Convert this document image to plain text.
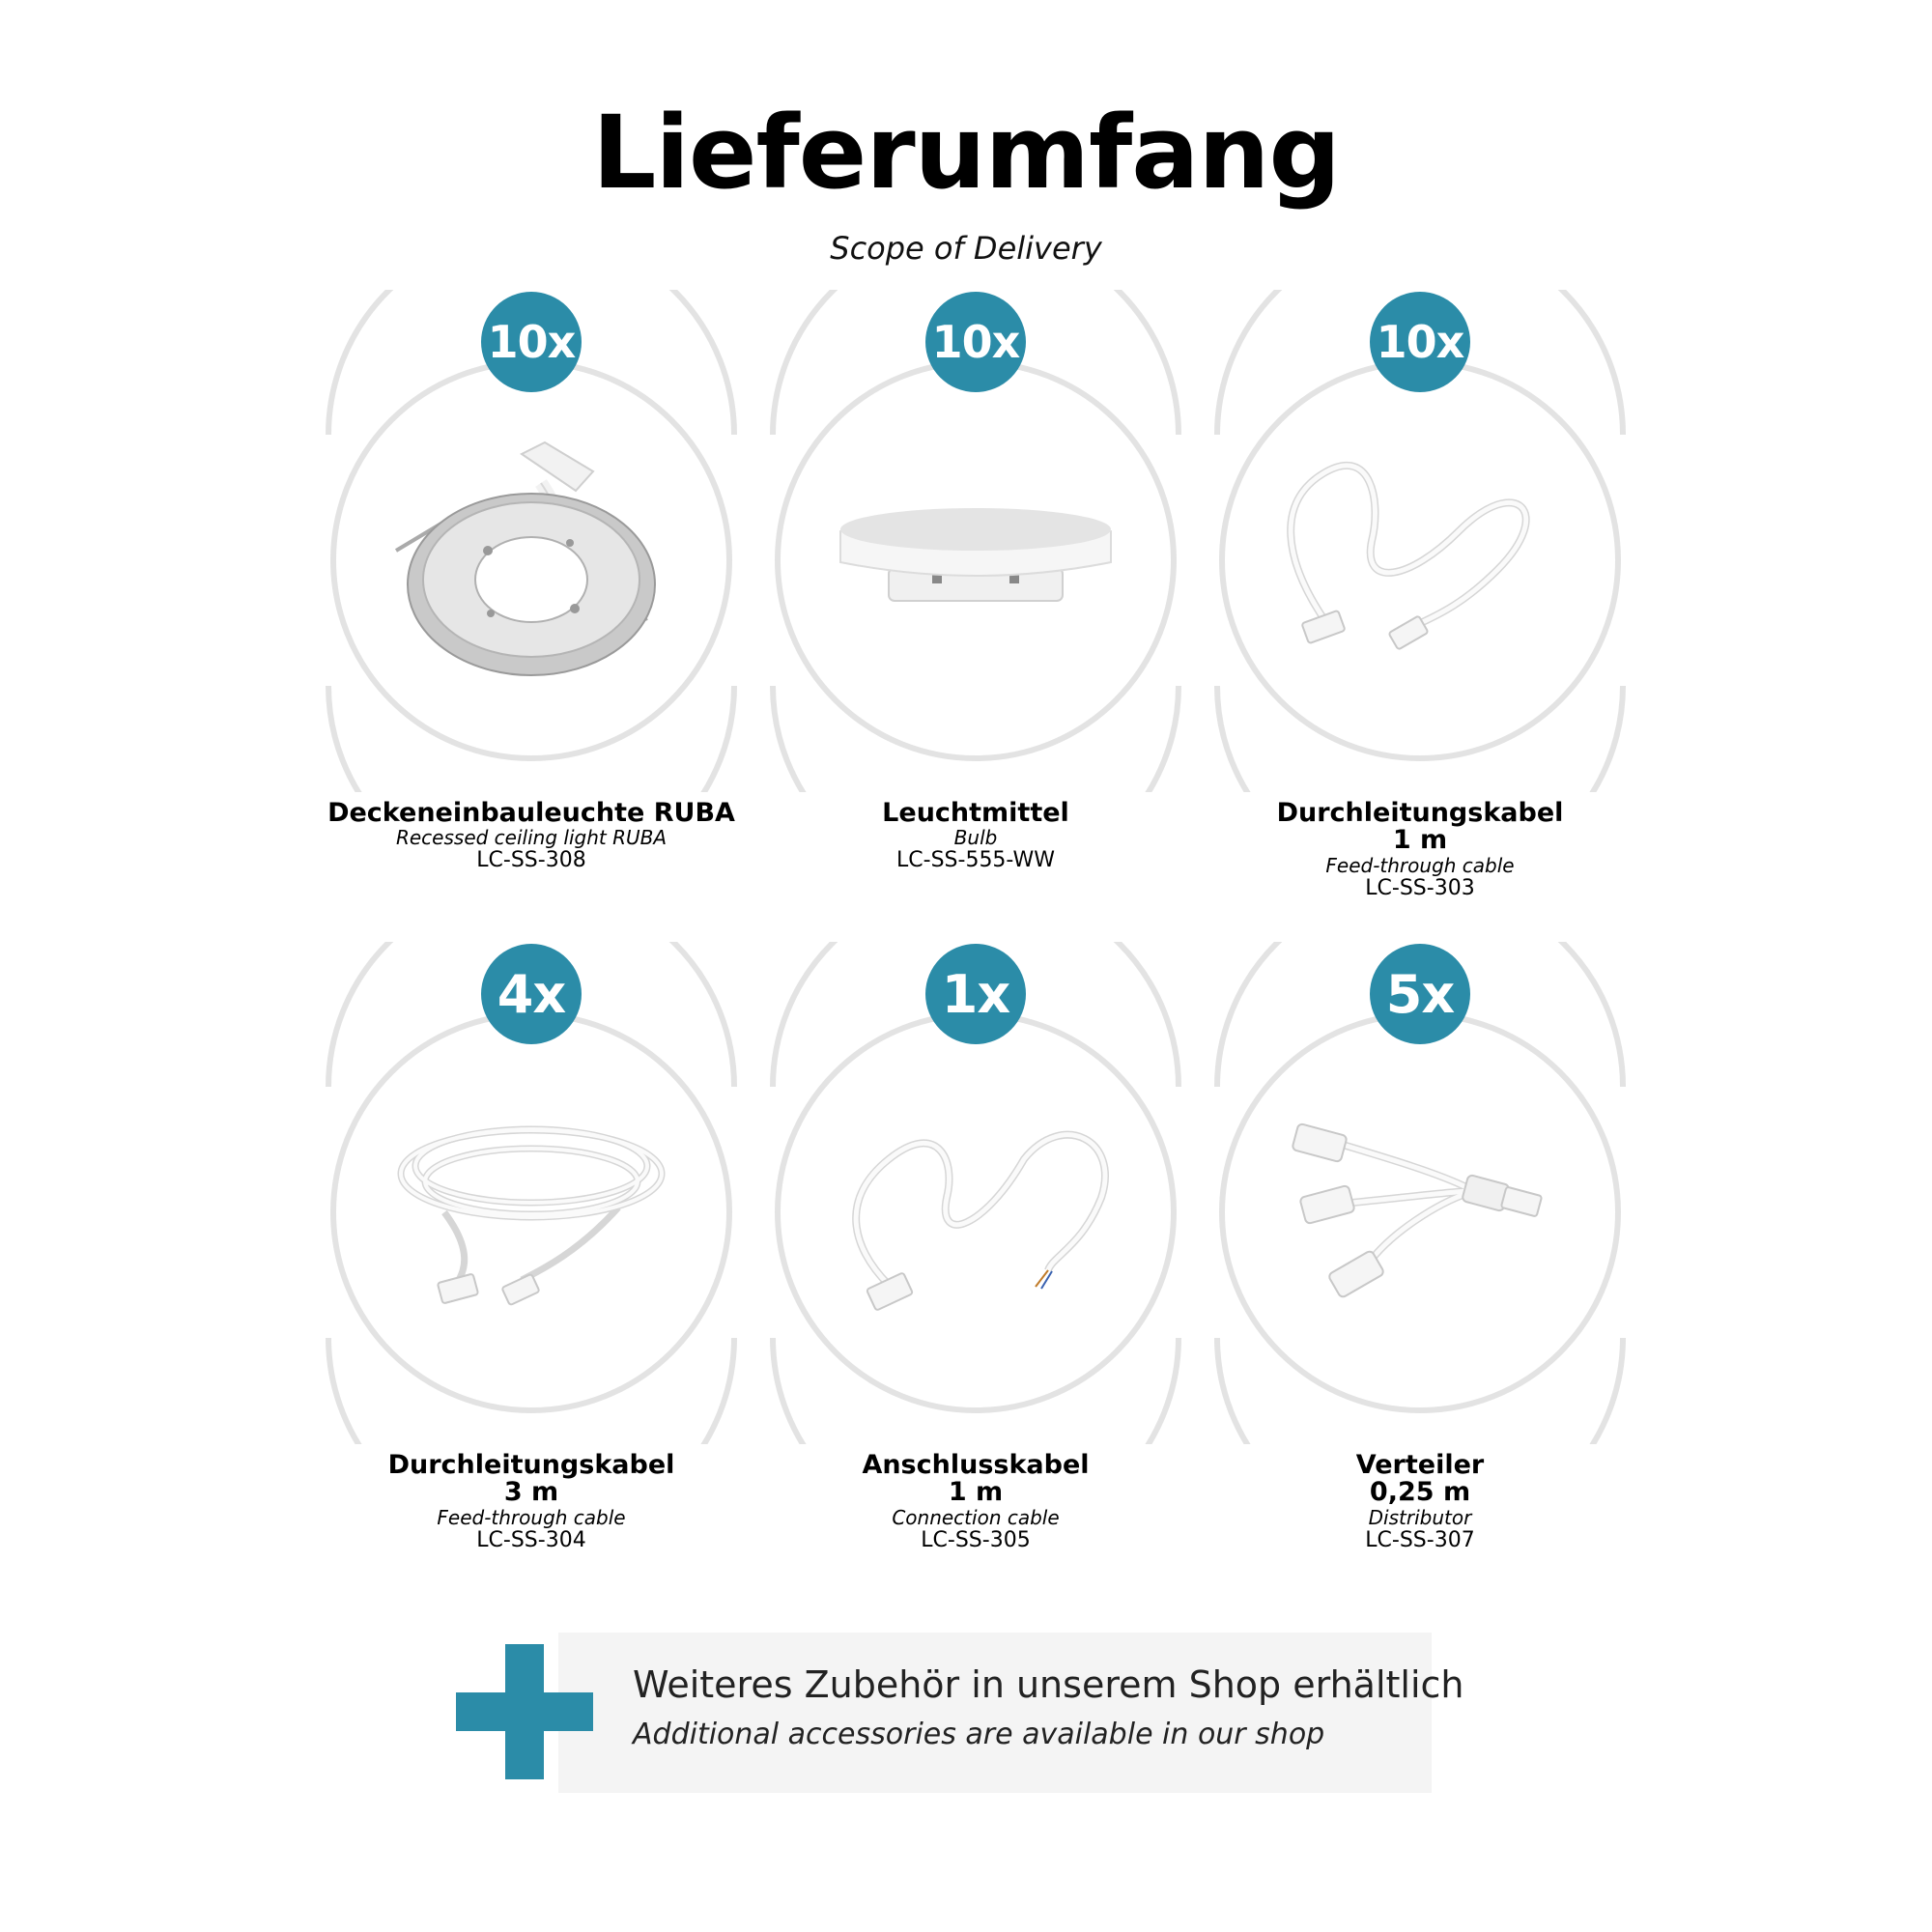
Lieferumfang
Scope of Delivery
10x
Deckeneinbauleuchte RUBA
Recessed ceiling light RUBA
LC-SS-308
10x
Leuchtmittel
Bulb
LC-SS-555-WW
10x
Durchleitungskabel
1 m
Feed-through cable
LC-SS-303
4x
Durchleitungskabel
3 m
Feed-through cable
LC-SS-304
1x
Anschlusskabel
1 m
Connection cable
LC-SS-305
5x
Verteiler
0,25 m
Distributor
LC-SS-307
Weiteres Zubehör in unserem Shop erhältlich
Additional accessories are available in our shop
